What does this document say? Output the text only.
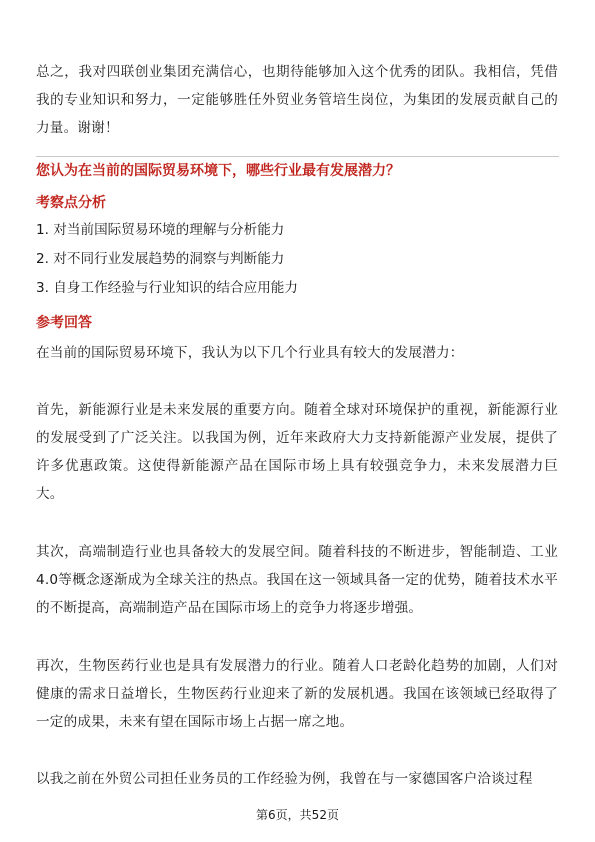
总之，我对四联创业集团充满信心，也期待能够加入这个优秀的团队。我相信，凭借我的专业知识和努力，一定能够胜任外贸业务管培生岗位，为集团的发展贡献自己的力量。谢谢！

您认为在当前的国际贸易环境下，哪些行业最有发展潜力？
考察点分析
1. 对当前国际贸易环境的理解与分析能力
2. 对不同行业发展趋势的洞察与判断能力
3. 自身工作经验与行业知识的结合应用能力
参考回答

在当前的国际贸易环境下，我认为以下几个行业具有较大的发展潜力：

首先，新能源行业是未来发展的重要方向。随着全球对环境保护的重视，新能源行业的发展受到了广泛关注。以我国为例，近年来政府大力支持新能源产业发展，提供了许多优惠政策。这使得新能源产品在国际市场上具有较强竞争力，未来发展潜力巨大。

其次，高端制造行业也具备较大的发展空间。随着科技的不断进步，智能制造、工业4.0等概念逐渐成为全球关注的热点。我国在这一领域具备一定的优势，随着技术水平的不断提高，高端制造产品在国际市场上的竞争力将逐步增强。

再次，生物医药行业也是具有发展潜力的行业。随着人口老龄化趋势的加剧，人们对健康的需求日益增长，生物医药行业迎来了新的发展机遇。我国在该领域已经取得了一定的成果，未来有望在国际市场上占据一席之地。

以我之前在外贸公司担任业务员的工作经验为例，我曾在与一家德国客户洽谈过程

第6页，共52页
